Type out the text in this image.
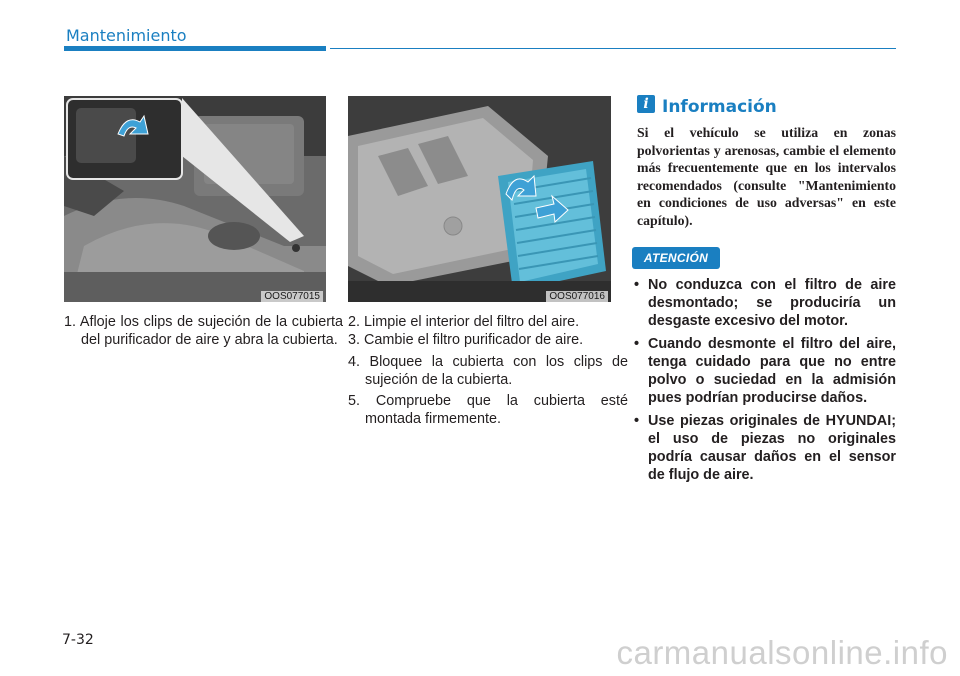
Mantenimiento
OOS077015	OOS077016
1. Afloje los clips de sujeción de la cubierta del purificador de aire y abra la cubierta.
2. Limpie el interior del filtro del aire.
3. Cambie el filtro purificador de aire.
4. Bloquee la cubierta con los clips de sujeción de la cubierta.
5. Compruebe que la cubierta esté montada firmemente.
i Información
Si el vehículo se utiliza en zonas polvorientas y arenosas, cambie el elemento más frecuentemente que en los intervalos recomendados (consulte "Mantenimiento en condiciones de uso adversas" en este capítulo).
ATENCIÓN
• No conduzca con el filtro de aire desmontado; se produciría un desgaste excesivo del motor.
• Cuando desmonte el filtro del aire, tenga cuidado para que no entre polvo o suciedad en la admisión pues podrían producirse daños.
• Use piezas originales de HYUNDAI; el uso de piezas no originales podría causar daños en el sensor de flujo de aire.
7-32	carmanualsonline.info
